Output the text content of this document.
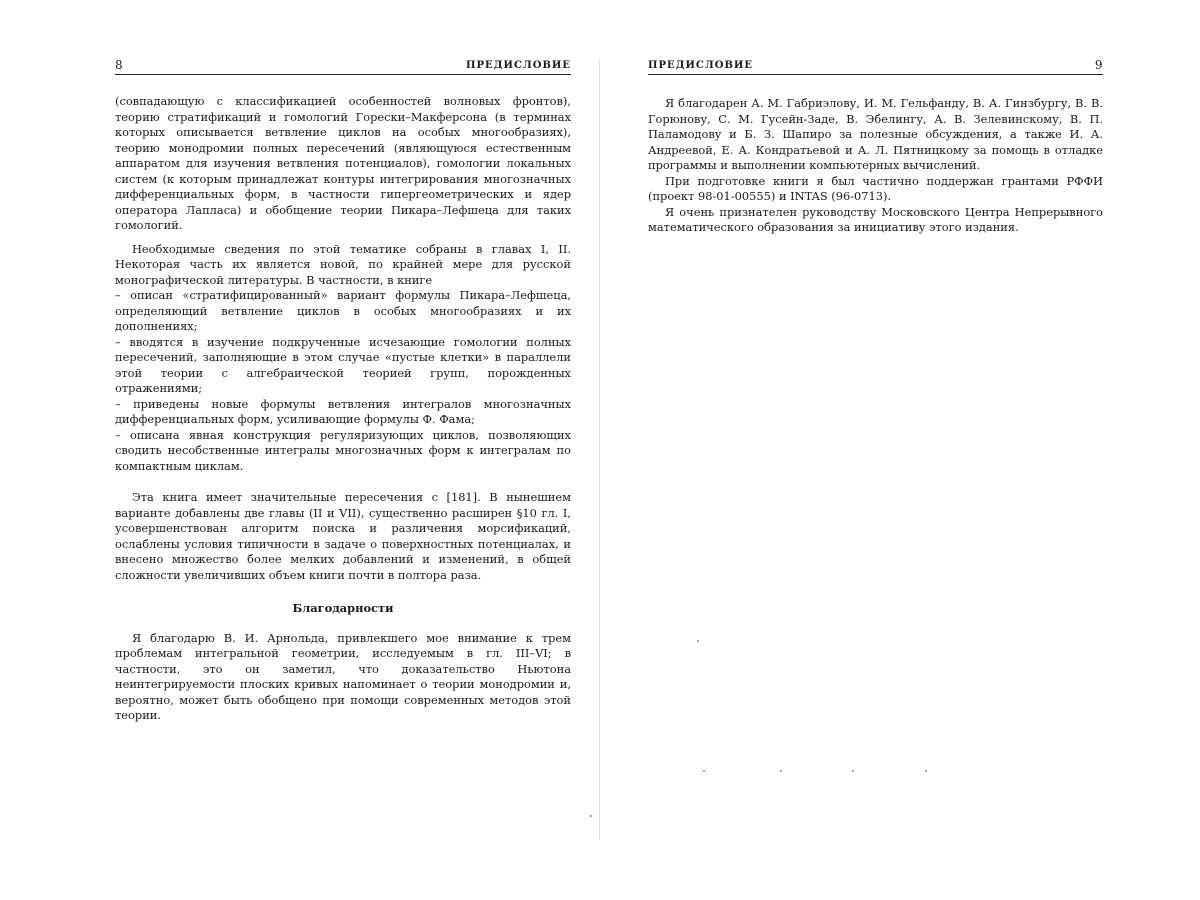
8	ПРЕДИСЛОВИЕ

(совпадающую с классификацией особенностей волновых фронтов), теорию стратификаций и гомологий Горески–Макферсона (в терминах которых описывается ветвление циклов на особых многообразиях), теорию монодромии полных пересечений (являющуюся естественным аппаратом для изучения ветвления потенциалов), гомологии локальных систем (к которым принадлежат контуры интегрирования многозначных дифференциальных форм, в частности гипергеометрических и ядер оператора Лапласа) и обобщение теории Пикара–Лефшеца для таких гомологий.

Необходимые сведения по этой тематике собраны в главах I, II. Некоторая часть их является новой, по крайней мере для русской монографической литературы. В частности, в книге

– описан «стратифицированный» вариант формулы Пикара–Лефшеца, определяющий ветвление циклов в особых многообразиях и их дополнениях;

– вводятся в изучение подкрученные исчезающие гомологии полных пересечений, заполняющие в этом случае «пустые клетки» в параллели этой теории с алгебраической теорией групп, порожденных отражениями;

– приведены новые формулы ветвления интегралов многозначных дифференциальных форм, усиливающие формулы Ф. Фама;

– описана явная конструкция регуляризующих циклов, позволяющих сводить несобственные интегралы многозначных форм к интегралам по компактным циклам.

Эта книга имеет значительные пересечения с [181]. В нынешнем варианте добавлены две главы (II и VII), существенно расширен §10 гл. I, усовершенствован алгоритм поиска и различения морсификаций, ослаблены условия типичности в задаче о поверхностных потенциалах, и внесено множество более мелких добавлений и изменений, в общей сложности увеличивших объем книги почти в полтора раза.

Благодарности

Я благодарю В. И. Арнольда, привлекшего мое внимание к трем проблемам интегральной геометрии, исследуемым в гл. III–VI; в частности, это он заметил, что доказательство Ньютона неинтегрируемости плоских кривых напоминает о теории монодромии и, вероятно, может быть обобщено при помощи современных методов этой теории.

ПРЕДИСЛОВИЕ	9

Я благодарен А. М. Габриэлову, И. М. Гельфанду, В. А. Гинзбургу, В. В. Горюнову, С. М. Гусейн-Заде, В. Эбелингу, А. В. Зелевинскому, В. П. Паламодову и Б. З. Шапиро за полезные обсуждения, а также И. А. Андреевой, Е. А. Кондратьевой и А. Л. Пятницкому за помощь в отладке программы и выполнении компьютерных вычислений.

При подготовке книги я был частично поддержан грантами РФФИ (проект 98-01-00555) и INTAS (96-0713).

Я очень признателен руководству Московского Центра Непрерывного математического образования за инициативу этого издания.
